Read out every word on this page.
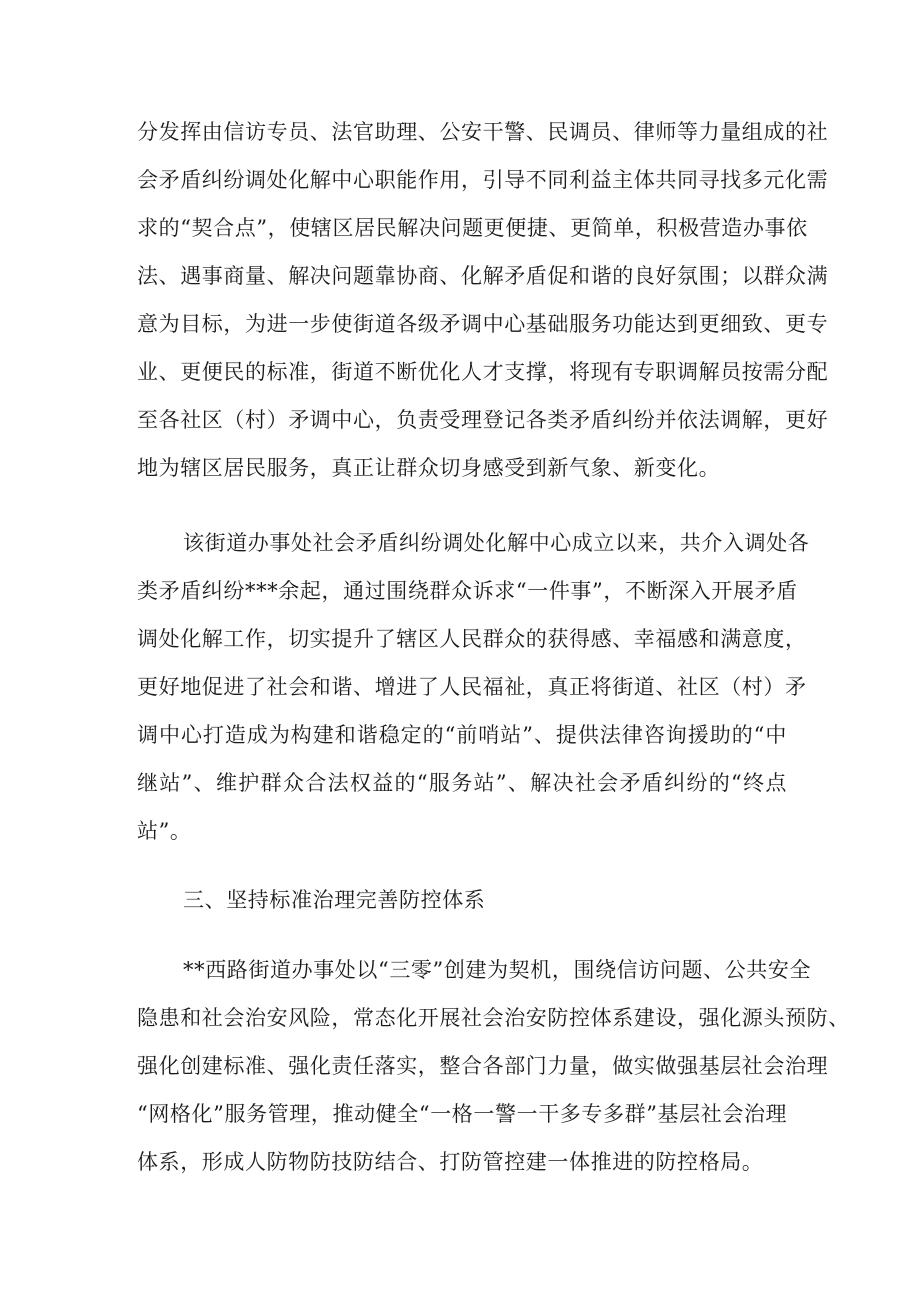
分发挥由信访专员、法官助理、公安干警、民调员、律师等力量组成的社
会矛盾纠纷调处化解中心职能作用，引导不同利益主体共同寻找多元化需
求的“契合点”，使辖区居民解决问题更便捷、更简单，积极营造办事依
法、遇事商量、解决问题靠协商、化解矛盾促和谐的良好氛围；以群众满
意为目标，为进一步使街道各级矛调中心基础服务功能达到更细致、更专
业、更便民的标准，街道不断优化人才支撑，将现有专职调解员按需分配
至各社区（村）矛调中心，负责受理登记各类矛盾纠纷并依法调解，更好
地为辖区居民服务，真正让群众切身感受到新气象、新变化。
该街道办事处社会矛盾纠纷调处化解中心成立以来，共介入调处各
类矛盾纠纷***余起，通过围绕群众诉求“一件事”，不断深入开展矛盾
调处化解工作，切实提升了辖区人民群众的获得感、幸福感和满意度，
更好地促进了社会和谐、增进了人民福祉，真正将街道、社区（村）矛
调中心打造成为构建和谐稳定的“前哨站”、提供法律咨询援助的“中
继站”、维护群众合法权益的“服务站”、解决社会矛盾纠纷的“终点
站”。
三、坚持标准治理完善防控体系
**西路街道办事处以“三零”创建为契机，围绕信访问题、公共安全
隐患和社会治安风险，常态化开展社会治安防控体系建设，强化源头预防、
强化创建标准、强化责任落实，整合各部门力量，做实做强基层社会治理
“网格化”服务管理，推动健全“一格一警一干多专多群”基层社会治理
体系，形成人防物防技防结合、打防管控建一体推进的防控格局。
